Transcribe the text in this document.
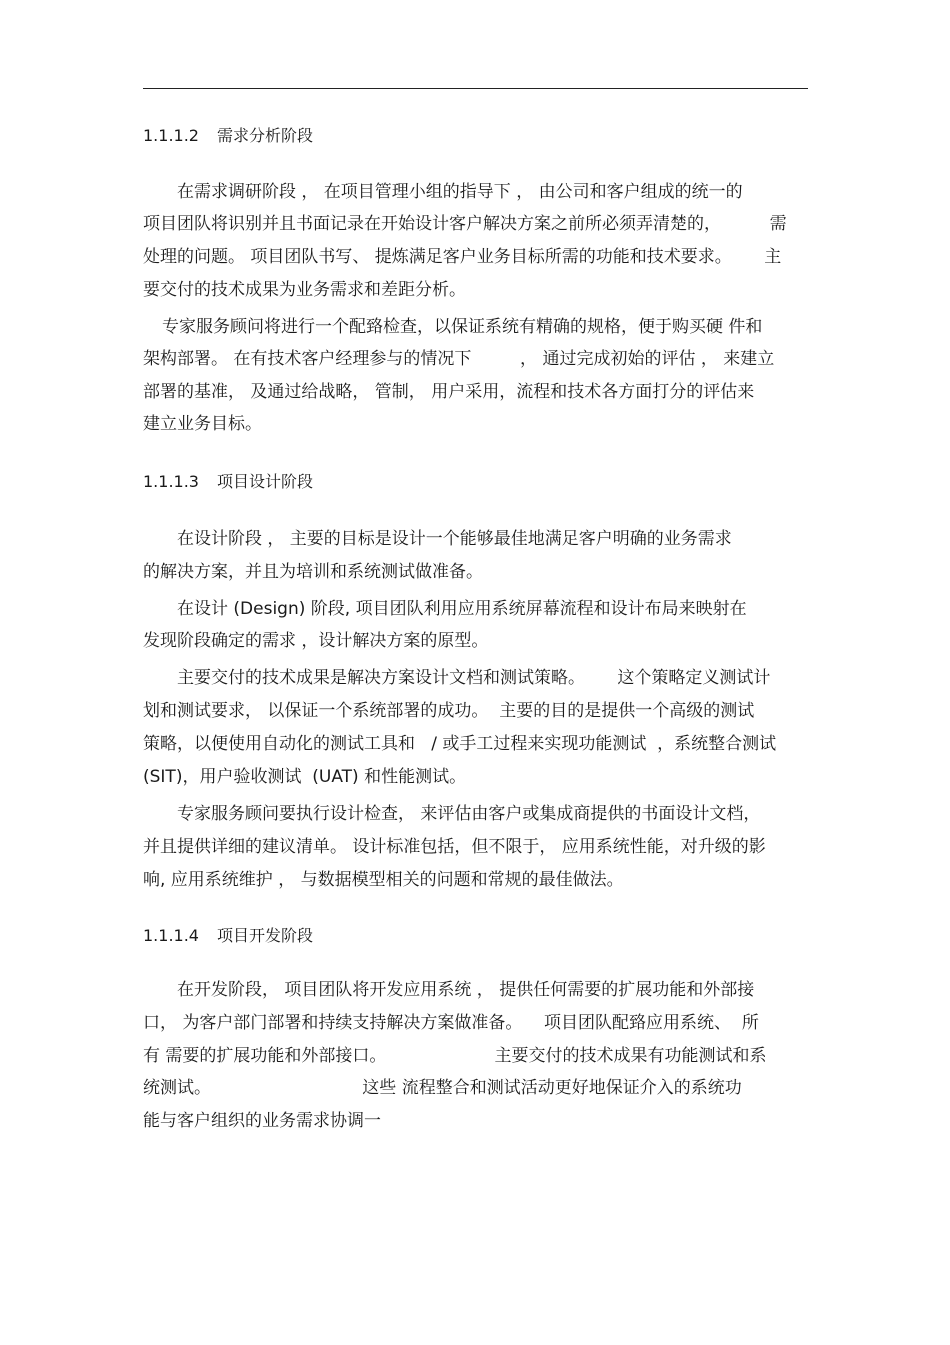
1.1.1.2 需求分析阶段

在需求调研阶段 ， 在项目管理小组的指导下 ， 由公司和客户组成的统一的

项目团队将识别并且书面记录在开始设计客户解决方案之前所必须弄清楚的，         需

处理的问题。 项目团队书写、 提炼满足客户业务目标所需的功能和技术要求。      主

要交付的技术成果为业务需求和差距分析。

专家服务顾问将进行一个配臵检查，以保证系统有精确的规格，便于购买硬 件和

架构部署。 在有技术客户经理参与的情况下         ， 通过完成初始的评估 ， 来建立

部署的基准， 及通过给战略， 管制， 用户采用，流程和技术各方面打分的评估来

建立业务目标。

1.1.1.3 项目设计阶段

在设计阶段 ， 主要的目标是设计一个能够最佳地满足客户明确的业务需求

的解决方案，并且为培训和系统测试做准备。

在设计 (Design) 阶段, 项目团队利用应用系统屏幕流程和设计布局来映射在

发现阶段确定的需求 ，设计解决方案的原型。

主要交付的技术成果是解决方案设计文档和测试策略。      这个策略定义测试计

划和测试要求， 以保证一个系统部署的成功。  主要的目的是提供一个高级的测试

策略，以便使用自动化的测试工具和   / 或手工过程来实现功能测试  ，系统整合测试

(SIT)，用户验收测试  (UAT) 和性能测试。

专家服务顾问要执行设计检查， 来评估由客户或集成商提供的书面设计文档，

并且提供详细的建议清单。 设计标准包括，但不限于， 应用系统性能，对升级的影

响, 应用系统维护 ， 与数据模型相关的问题和常规的最佳做法。

1.1.1.4 项目开发阶段

在开发阶段， 项目团队将开发应用系统 ， 提供任何需要的扩展功能和外部接

口， 为客户部门部署和持续支持解决方案做准备。    项目团队配臵应用系统、  所

有 需要的扩展功能和外部接口。                    主要交付的技术成果有功能测试和系

统测试。                            这些 流程整合和测试活动更好地保证介入的系统功

能与客户组织的业务需求协调一
